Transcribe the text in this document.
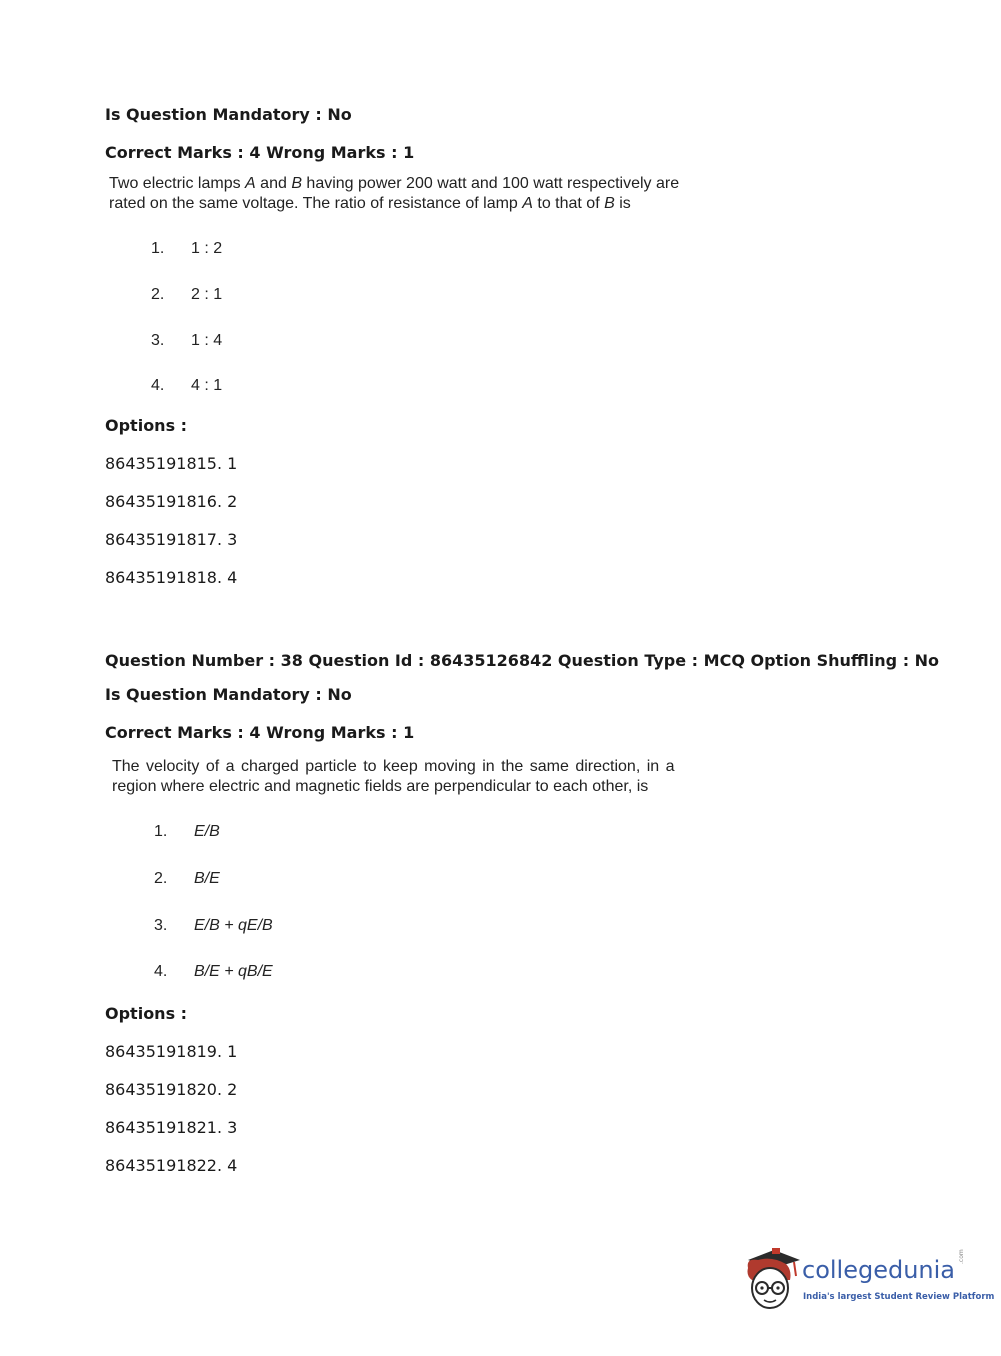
Is Question Mandatory : No
Correct Marks : 4 Wrong Marks : 1
Two electric lamps A and B having power 200 watt and 100 watt respectively are
rated on the same voltage. The ratio of resistance of lamp A to that of B is
1. 1 : 2
2. 2 : 1
3. 1 : 4
4. 4 : 1
Options :
86435191815. 1
86435191816. 2
86435191817. 3
86435191818. 4
Question Number : 38 Question Id : 86435126842 Question Type : MCQ Option Shuffling : No
Is Question Mandatory : No
Correct Marks : 4 Wrong Marks : 1
The velocity of a charged particle to keep moving in the same direction, in a
region where electric and magnetic fields are perpendicular to each other, is
1. E/B
2. B/E
3. E/B + qE/B
4. B/E + qB/E
Options :
86435191819. 1
86435191820. 2
86435191821. 3
86435191822. 4
collegedunia
India's largest Student Review Platform
.com
